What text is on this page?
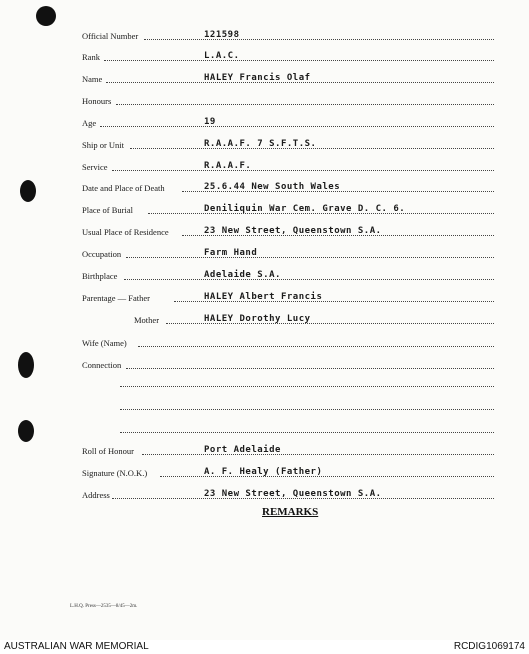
Official Number	121598
Rank	L.A.C.
Name	HALEY Francis Olaf
Honours
Age	19
Ship or Unit	R.A.A.F. 7 S.F.T.S.
Service	R.A.A.F.
Date and Place of Death	25.6.44 New South Wales
Place of Burial	Deniliquin War Cem. Grave D. C. 6.
Usual Place of Residence	23 New Street, Queenstown S.A.
Occupation	Farm Hand
Birthplace	Adelaide S.A.
Parentage — Father	HALEY Albert Francis
Mother	HALEY Dorothy Lucy
Wife (Name)
Connection
Roll of Honour	Port Adelaide
Signature (N.O.K.)	A. F. Healy (Father)
Address	23 New Street, Queenstown S.A.
REMARKS
L.H.Q. Press—2535—8/45—2m.
AUSTRALIAN WAR MEMORIAL	RCDIG1069174
